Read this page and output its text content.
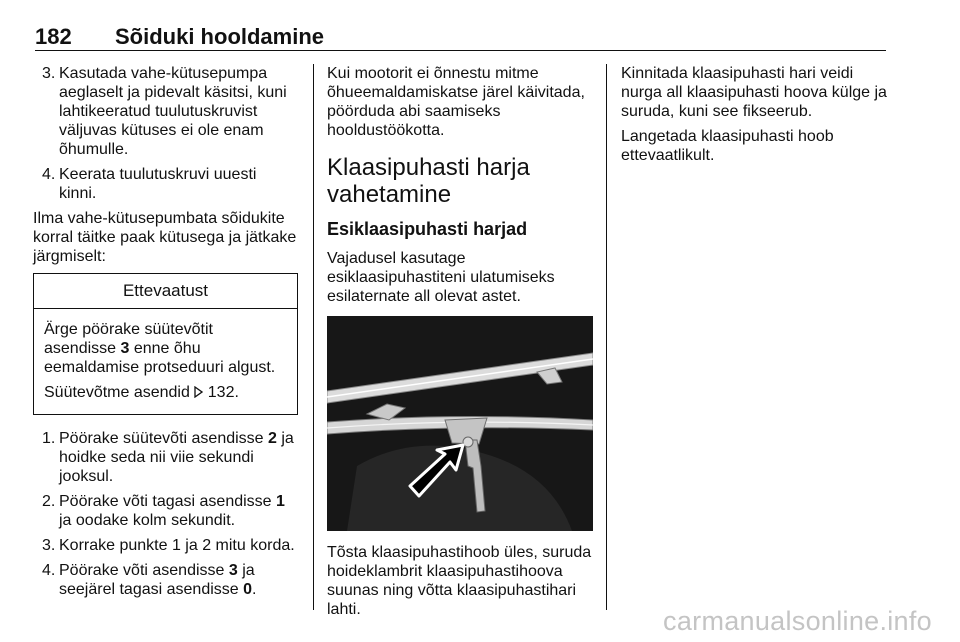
182 Sõiduki hooldamine
3. Kasutada vahe-kütusepumpa aeglaselt ja pidevalt käsitsi, kuni lahtikeeratud tuulutuskruvist väljuvas kütuses ei ole enam õhumulle.
4. Keerata tuulutuskruvi uuesti kinni.

Ilma vahe-kütusepumbata sõidukite korral täitke paak kütusega ja jätkake järgmiselt:

Ettevaatust

Ärge pöörake süütevõtit asendisse 3 enne õhu eemaldamise protseduuri algust.

Süütevõtme asendid  132.

1. Pöörake süütevõti asendisse 2 ja hoidke seda nii viie sekundi jooksul.
2. Pöörake võti tagasi asendisse 1 ja oodake kolm sekundit.
3. Korrake punkte 1 ja 2 mitu korda.
4. Pöörake võti asendisse 3 ja seejärel tagasi asendisse 0.

Kui mootorit ei õnnestu mitme õhueemaldamiskatse järel käivitada, pöörduda abi saamiseks hooldustöökotta.

Klaasipuhasti harja vahetamine
Esiklaasipuhasti harjad

Vajadusel kasutage esiklaasipuhastiteni ulatumiseks esilaternate all olevat astet.

Tõsta klaasipuhastihoob üles, suruda hoideklambrit klaasipuhastihoova suunas ning võtta klaasipuhastihari lahti.

Kinnitada klaasipuhasti hari veidi nurga all klaasipuhasti hoova külge ja suruda, kuni see fikseerub.

Langetada klaasipuhasti hoob ettevaatlikult.

carmanualsonline.info
